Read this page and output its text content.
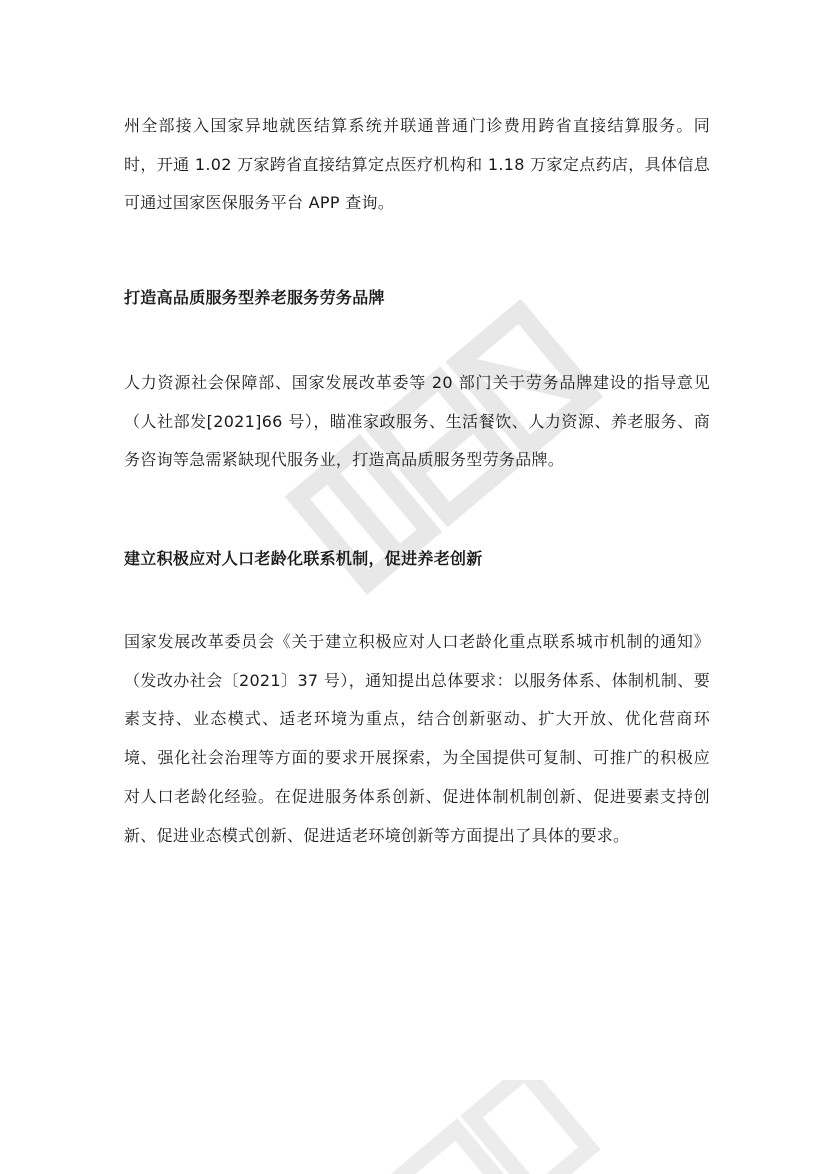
州全部接入国家异地就医结算系统并联通普通门诊费用跨省直接结算服务。同时，开通 1.02 万家跨省直接结算定点医疗机构和 1.18 万家定点药店，具体信息可通过国家医保服务平台 APP 查询。

打造高品质服务型养老服务劳务品牌

人力资源社会保障部、国家发展改革委等 20 部门关于劳务品牌建设的指导意见（人社部发[2021]66 号），瞄准家政服务、生活餐饮、人力资源、养老服务、商务咨询等急需紧缺现代服务业，打造高品质服务型劳务品牌。

建立积极应对人口老龄化联系机制，促进养老创新

国家发展改革委员会《关于建立积极应对人口老龄化重点联系城市机制的通知》（发改办社会〔2021〕37 号），通知提出总体要求：以服务体系、体制机制、要素支持、业态模式、适老环境为重点，结合创新驱动、扩大开放、优化营商环境、强化社会治理等方面的要求开展探索，为全国提供可复制、可推广的积极应对人口老龄化经验。在促进服务体系创新、促进体制机制创新、促进要素支持创新、促进业态模式创新、促进适老环境创新等方面提出了具体的要求。
